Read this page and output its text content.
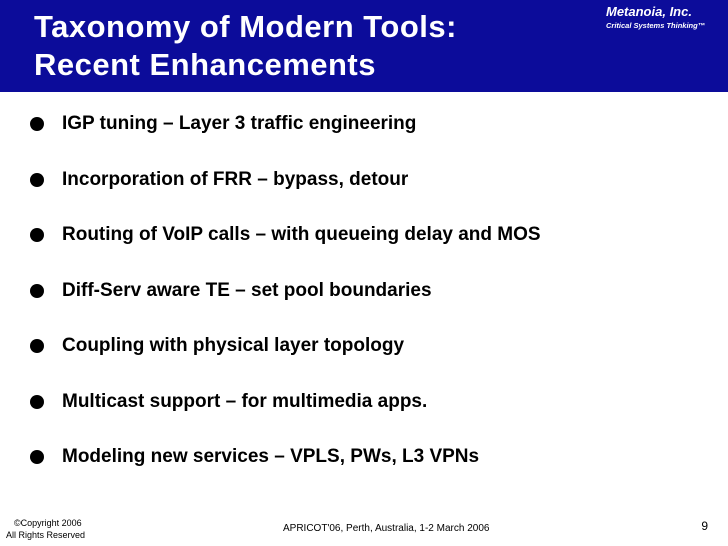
Taxonomy of Modern Tools:
Recent Enhancements
Metanoia, Inc.
Critical Systems Thinking™
IGP tuning – Layer 3 traffic engineering
Incorporation of FRR – bypass, detour
Routing of VoIP calls – with queueing delay and MOS
Diff-Serv aware TE – set pool boundaries
Coupling with physical layer topology
Multicast support – for multimedia apps.
Modeling new services – VPLS, PWs, L3 VPNs
©Copyright 2006
All Rights Reserved
APRICOT'06, Perth, Australia, 1-2 March 2006	9
